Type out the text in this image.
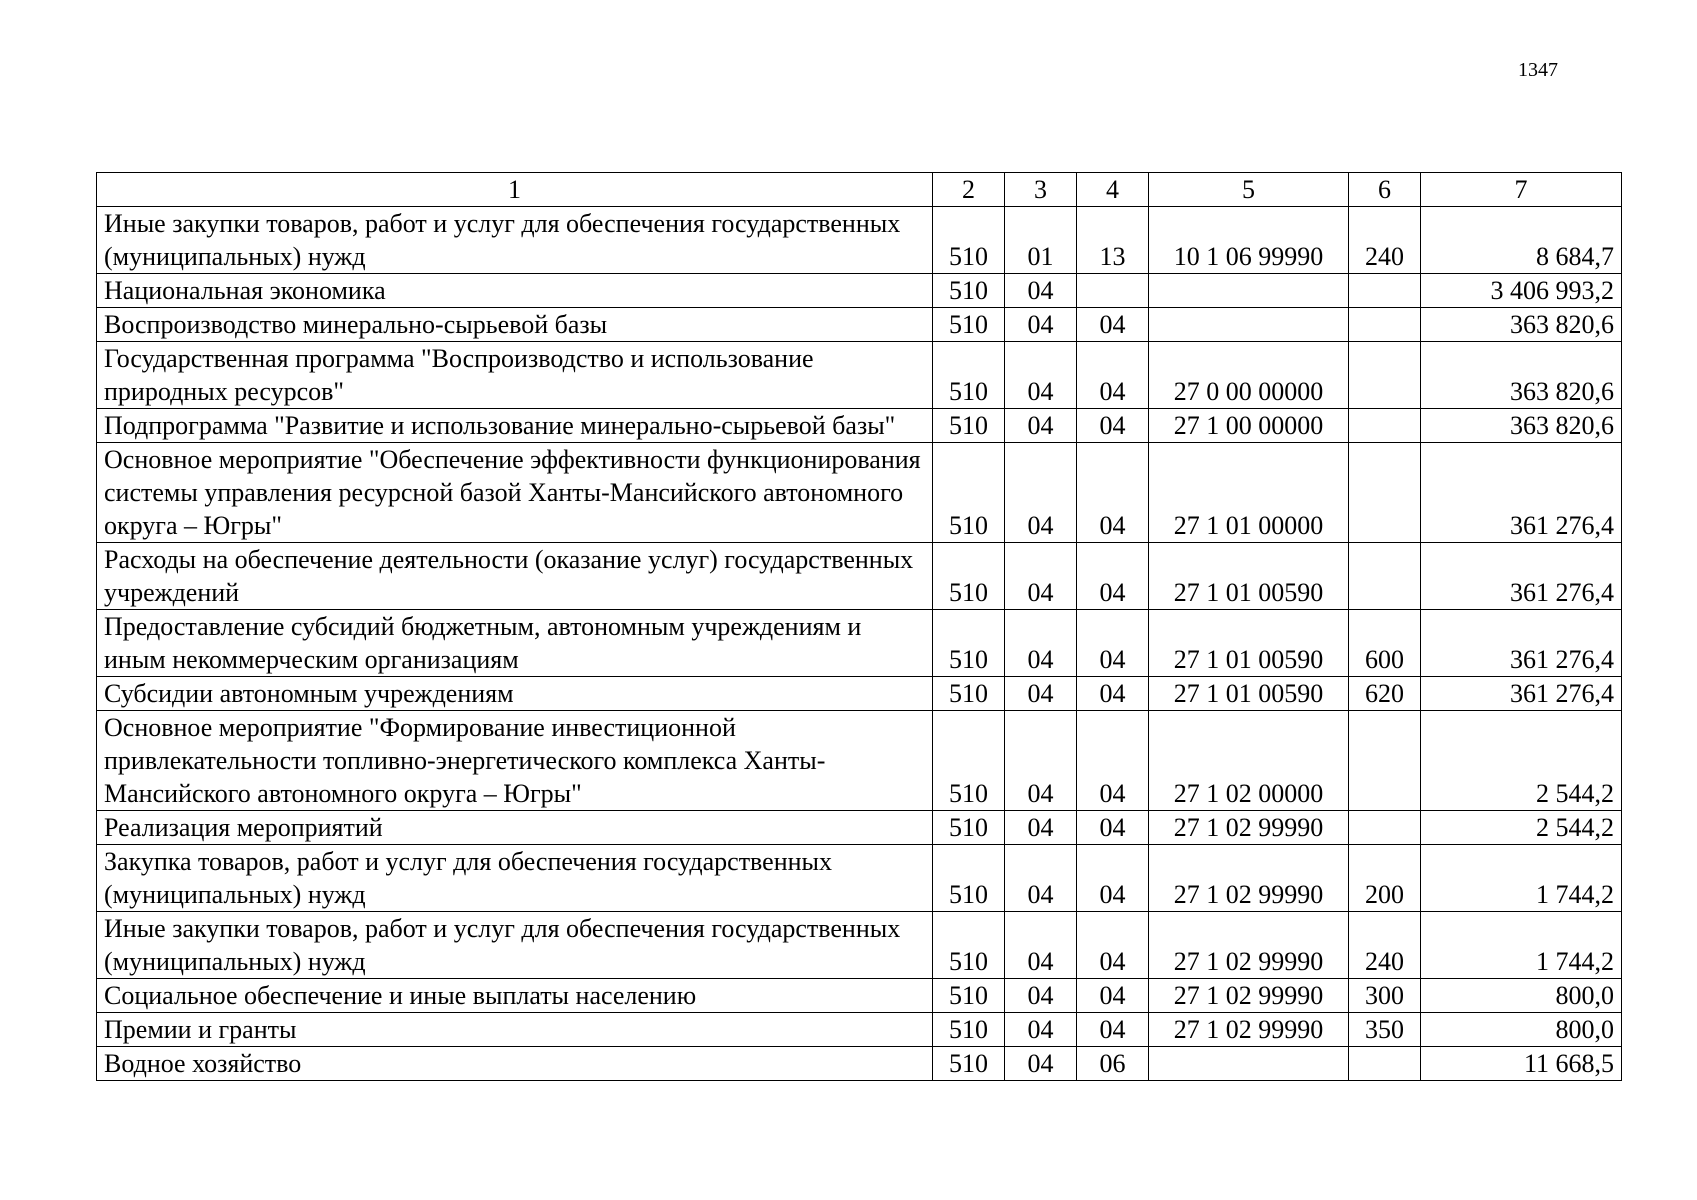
1347
1	2	3	4	5	6	7
Иные закупки товаров, работ и услуг для обеспечения государственных (муниципальных) нужд	510	01	13	10 1 06 99990	240	8 684,7
Национальная экономика	510	04				3 406 993,2
Воспроизводство минерально-сырьевой базы	510	04	04			363 820,6
Государственная программа "Воспроизводство и использование природных ресурсов"	510	04	04	27 0 00 00000		363 820,6
Подпрограмма "Развитие и использование минерально-сырьевой базы"	510	04	04	27 1 00 00000		363 820,6
Основное мероприятие "Обеспечение эффективности функционирования системы управления ресурсной базой Ханты-Мансийского автономного округа – Югры"	510	04	04	27 1 01 00000		361 276,4
Расходы на обеспечение деятельности (оказание услуг) государственных учреждений	510	04	04	27 1 01 00590		361 276,4
Предоставление субсидий бюджетным, автономным учреждениям и иным некоммерческим организациям	510	04	04	27 1 01 00590	600	361 276,4
Субсидии автономным учреждениям	510	04	04	27 1 01 00590	620	361 276,4
Основное мероприятие "Формирование инвестиционной привлекательности топливно-энергетического комплекса Ханты-Мансийского автономного округа – Югры"	510	04	04	27 1 02 00000		2 544,2
Реализация мероприятий	510	04	04	27 1 02 99990		2 544,2
Закупка товаров, работ и услуг для обеспечения государственных (муниципальных) нужд	510	04	04	27 1 02 99990	200	1 744,2
Иные закупки товаров, работ и услуг для обеспечения государственных (муниципальных) нужд	510	04	04	27 1 02 99990	240	1 744,2
Социальное обеспечение и иные выплаты населению	510	04	04	27 1 02 99990	300	800,0
Премии и гранты	510	04	04	27 1 02 99990	350	800,0
Водное хозяйство	510	04	06			11 668,5
